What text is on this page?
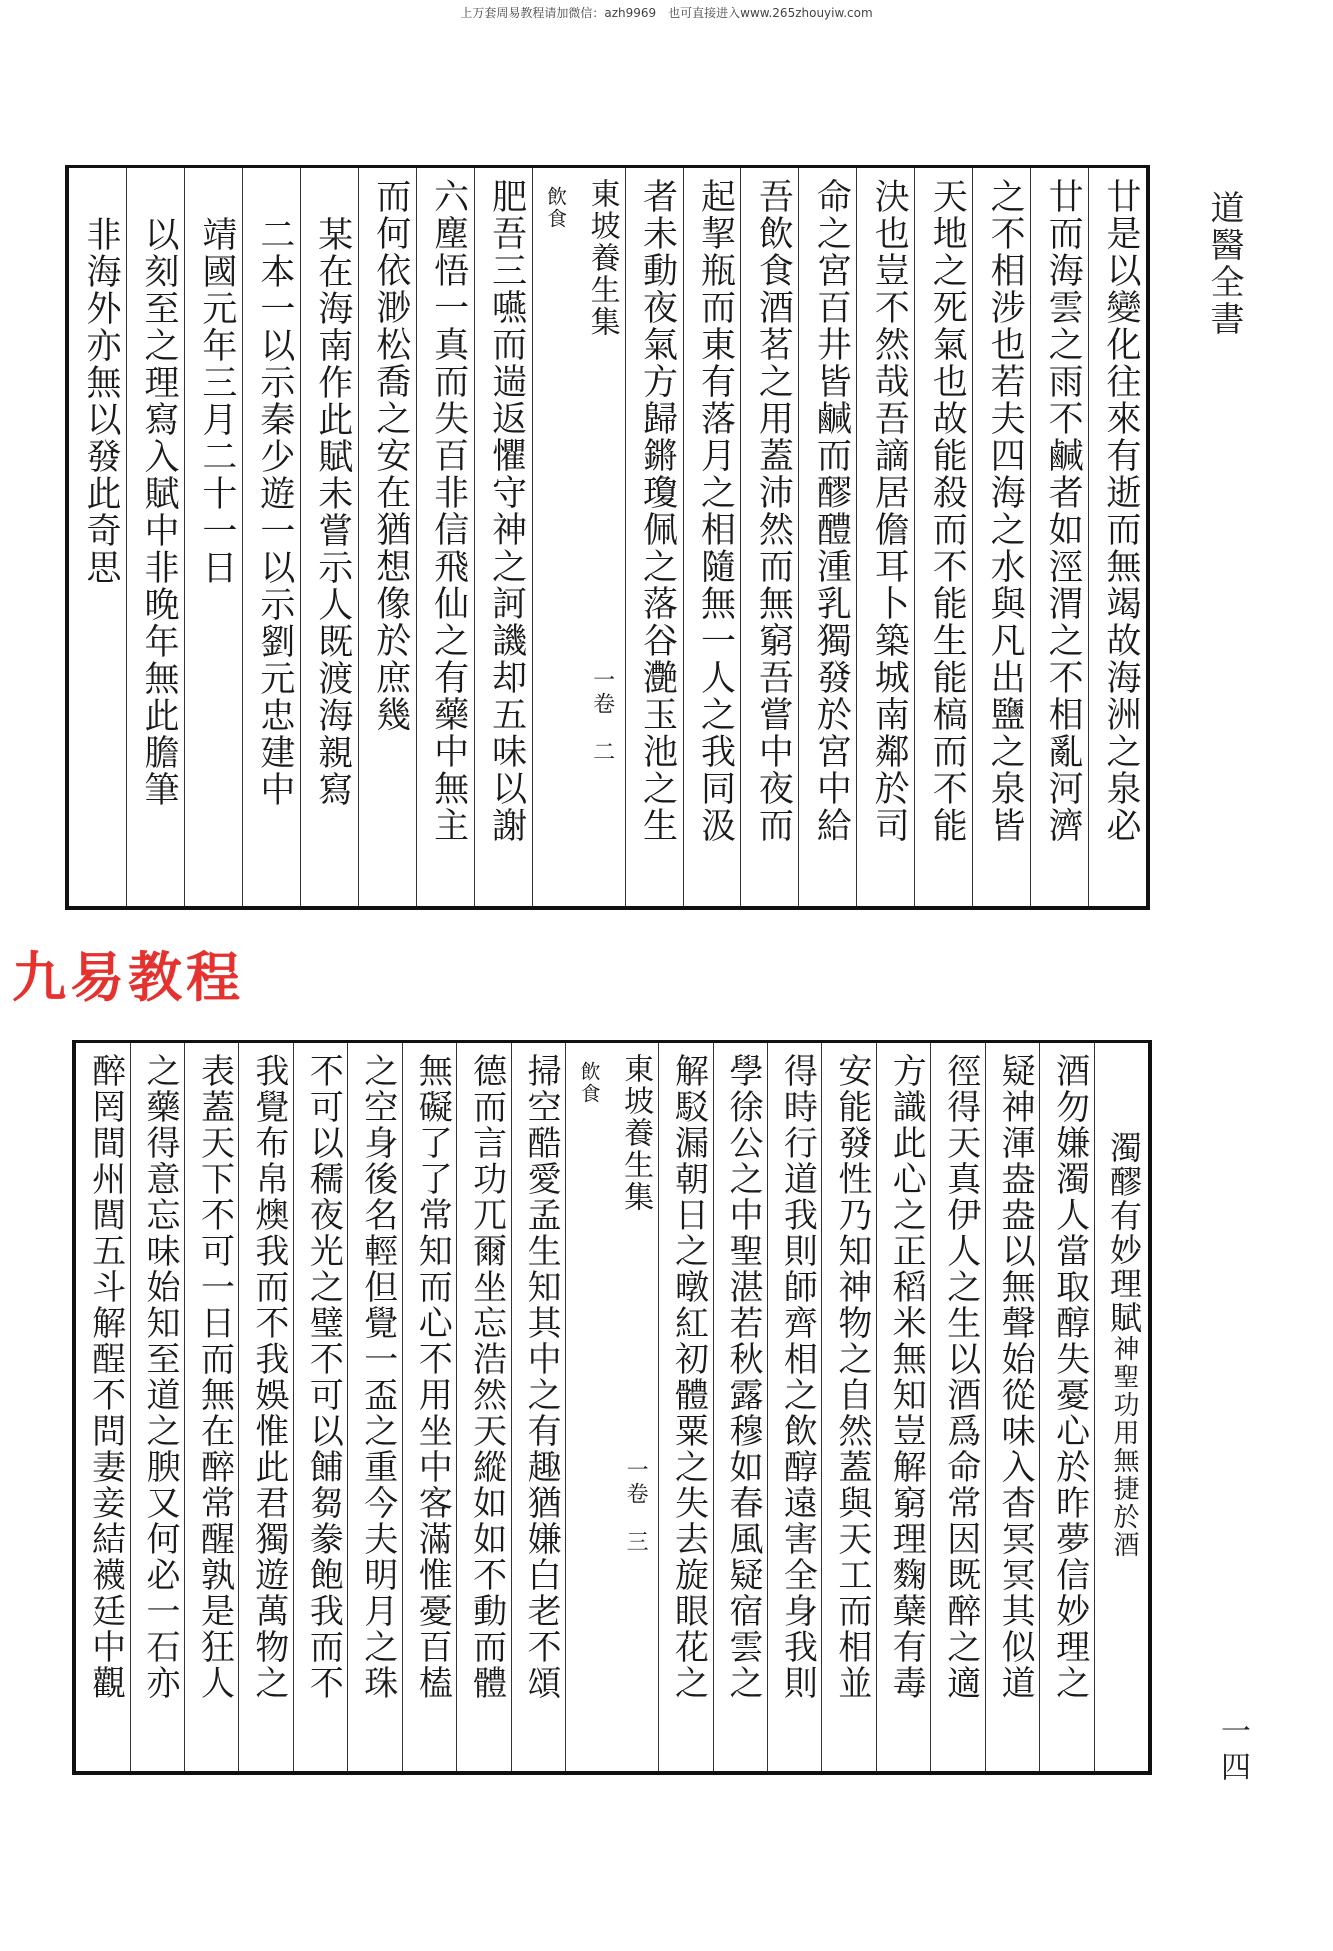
上万套周易教程请加微信：azh9969　也可直接进入www.265zhouyiw.com
道醫全書
一四
九易教程
廿是以變化往來有逝而無竭故海洲之泉必
廿而海雲之雨不鹹者如涇渭之不相亂河濟
之不相涉也若夫四海之水與凡出鹽之泉皆
天地之死氣也故能殺而不能生能槁而不能
決也豈不然哉吾謫居儋耳卜築城南鄰於司
命之宮百井皆鹹而醪醴湩乳獨發於宮中給
吾飲食酒茗之用蓋沛然而無窮吾嘗中夜而
起挈瓶而東有落月之相隨無一人之我同汲
者未動夜氣方歸鏘瓊佩之落谷灔玉池之生
東坡養生集
飲食
一卷　二
肥吾三嚥而遄返懼守神之訶譏却五味以謝
六塵悟一真而失百非信飛仙之有藥中無主
而何依渺松喬之安在猶想像於庶幾
某在海南作此賦未嘗示人既渡海親寫
二本一以示秦少遊一以示劉元忠建中
靖國元年三月二十一日
以刻至之理寫入賦中非晚年無此膽筆
非海外亦無以發此奇思
濁醪有妙理賦神聖功用無捷於酒
酒勿嫌濁人當取醇失憂心於昨夢信妙理之
疑神渾盎盎以無聲始從味入杳冥冥其似道
徑得天真伊人之生以酒爲命常因既醉之適
方識此心之正稻米無知豈解窮理麴蘖有毒
安能發性乃知神物之自然蓋與天工而相並
得時行道我則師齊相之飲醇遠害全身我則
學徐公之中聖湛若秋露穆如春風疑宿雲之
解駁漏朝日之暾紅初體粟之失去旋眼花之
東坡養生集
飲食
一卷　三
掃空酷愛孟生知其中之有趣猶嫌白老不頌
德而言功兀爾坐忘浩然天縱如如不動而體
無礙了了常知而心不用坐中客滿惟憂百榼
之空身後名輕但覺一盃之重今夫明月之珠
不可以穤夜光之璧不可以餔芻豢飽我而不
我覺布帛燠我而不我娛惟此君獨遊萬物之
表蓋天下不可一日而無在醉常醒孰是狂人
之藥得意忘味始知至道之腴又何必一石亦
醉罔間州閭五斗解酲不問妻妾結襪廷中觀
